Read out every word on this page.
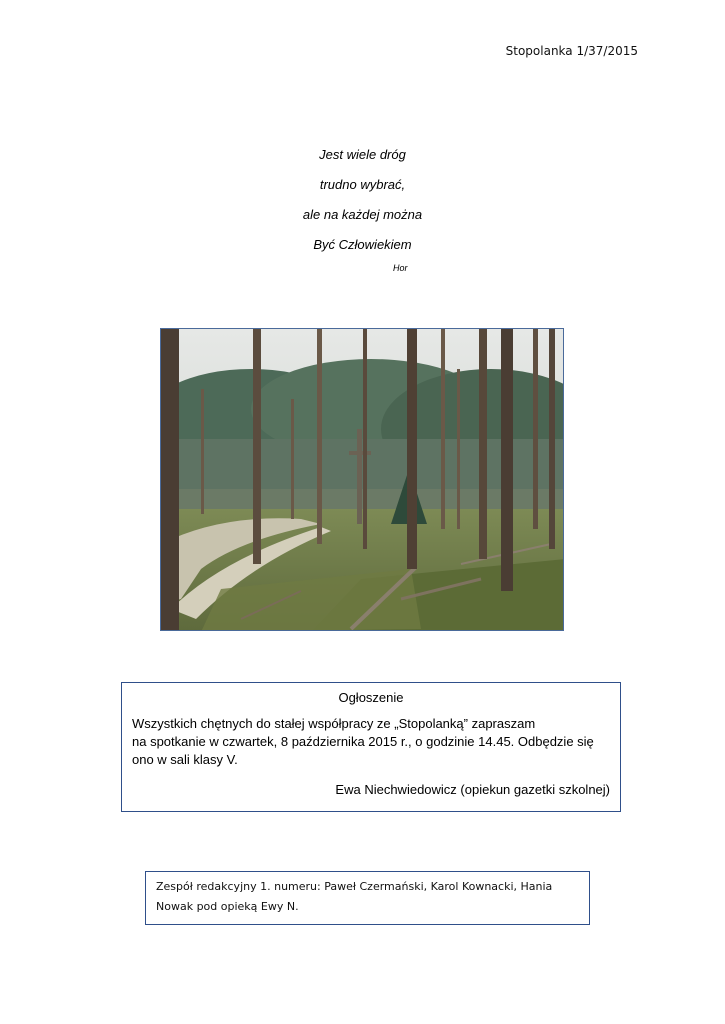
Stopolanka 1/37/2015
Jest wiele dróg
trudno wybrać,
ale na każdej można
Być Człowiekiem
Hor
Ogłoszenie
Wszystkich chętnych do stałej współpracy ze „Stopolanką” zapraszam
na spotkanie w czwartek, 8 października 2015 r., o godzinie 14.45. Odbędzie się
ono w sali klasy V.
Ewa Niechwiedowicz (opiekun gazetki szkolnej)
Zespół redakcyjny 1. numeru: Paweł Czermański, Karol Kownacki, Hania
Nowak pod opieką Ewy N.
